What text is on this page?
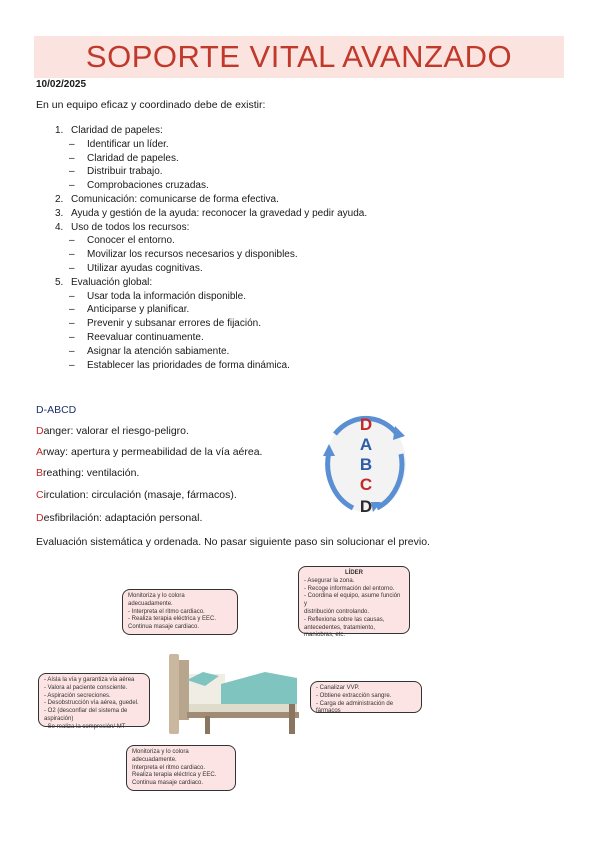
SOPORTE VITAL AVANZADO
10/02/2025
En un equipo eficaz y coordinado debe de existir:
1. Claridad de papeles:
–	Identificar un líder.
–	Claridad de papeles.
–	Distribuir trabajo.
–	Comprobaciones cruzadas.
2. Comunicación: comunicarse de forma efectiva.
3. Ayuda y gestión de la ayuda: reconocer la gravedad y pedir ayuda.
4. Uso de todos los recursos:
–	Conocer el entorno.
–	Movilizar los recursos necesarios y disponibles.
–	Utilizar ayudas cognitivas.
5. Evaluación global:
–	Usar toda la información disponible.
–	Anticiparse y planificar.
–	Prevenir y subsanar errores de fijación.
–	Reevaluar continuamente.
–	Asignar la atención sabiamente.
–	Establecer las prioridades de forma dinámica.
D-ABCD
Danger: valorar el riesgo-peligro.
Arway: apertura y permeabilidad de la vía aérea.
Breathing: ventilación.
Circulation: circulación (masaje, fármacos).
Desfibrilación: adaptación personal.
D
A
B
C
D
Evaluación sistemática y ordenada. No pasar siguiente paso sin solucionar el previo.
Monitoriza y lo colora
adecuadamente.
- Interpreta el ritmo cardiaco.
- Realiza terapia eléctrica y EEC.
Continua masaje cardiaco.
LÍDER
- Asegurar la zona.
- Recoge información del entorno.
- Coordina el equipo, asume función y
distribución controlando.
- Reflexiona sobre las causas,
antecedentes, tratamiento,
maniobras, etc.
- Aísla la vía y garantiza vía aérea
- Valora al paciente consciente.
- Aspiración secreciones.
- Desobstrucción vía aérea, guedel.
- O2 (desconfiar del sistema de aspiración)
- Se realiza la compresión/ MT
- Canalizar VVP.
- Obtiene extracción sangre.
- Carga de administración de fármacos
Monitoriza y lo colora
adecuadamente.
Interpreta el ritmo cardiaco.
Realiza terapia eléctrica y EEC.
Continua masaje cardiaco.
